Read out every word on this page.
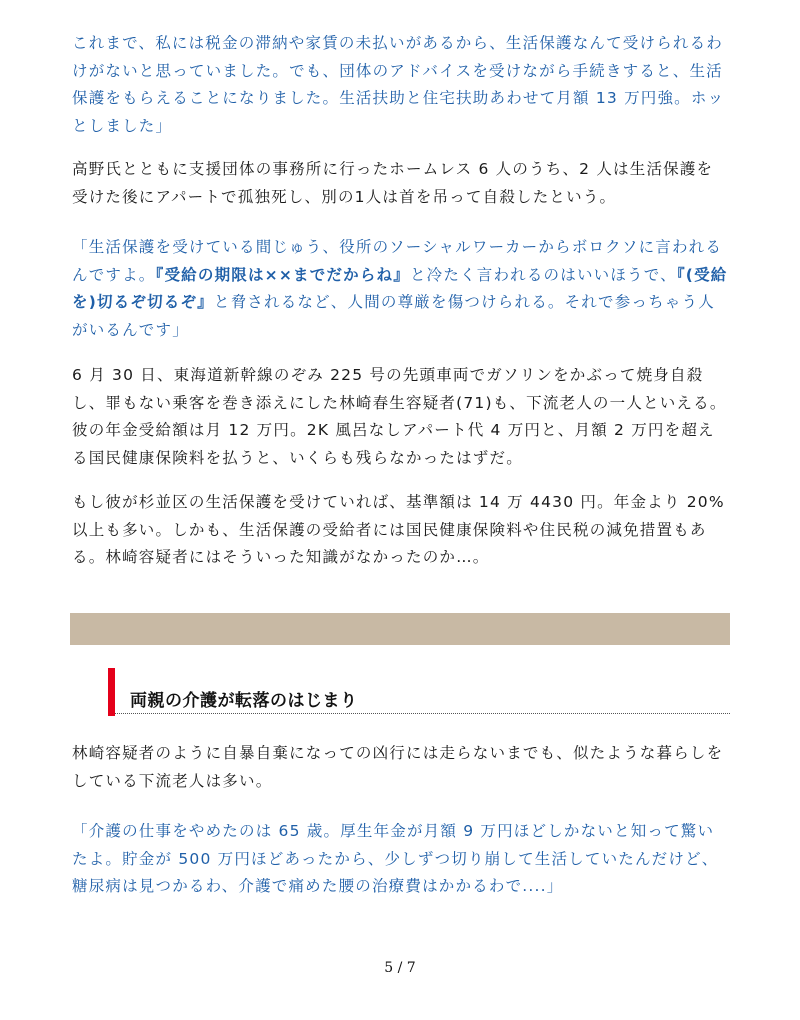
これまで、私には税金の滞納や家賃の未払いがあるから、生活保護なんて受けられるわけがないと思っていました。でも、団体のアドバイスを受けながら手続きすると、生活保護をもらえることになりました。生活扶助と住宅扶助あわせて月額 13 万円強。ホッとしました」

高野氏とともに支援団体の事務所に行ったホームレス 6 人のうち、2 人は生活保護を受けた後にアパートで孤独死し、別の1人は首を吊って自殺したという。

「生活保護を受けている間じゅう、役所のソーシャルワーカーからボロクソに言われるんですよ。『受給の期限は××までだからね』と冷たく言われるのはいいほうで、『(受給を)切るぞ切るぞ』と脅されるなど、人間の尊厳を傷つけられる。それで参っちゃう人がいるんです」

6 月 30 日、東海道新幹線のぞみ 225 号の先頭車両でガソリンをかぶって焼身自殺し、罪もない乗客を巻き添えにした林崎春生容疑者(71)も、下流老人の一人といえる。彼の年金受給額は月 12 万円。2K 風呂なしアパート代 4 万円と、月額 2 万円を超える国民健康保険料を払うと、いくらも残らなかったはずだ。

もし彼が杉並区の生活保護を受けていれば、基準額は 14 万 4430 円。年金より 20%以上も多い。しかも、生活保護の受給者には国民健康保険料や住民税の減免措置もある。林崎容疑者にはそういった知識がなかったのか…。

両親の介護が転落のはじまり

林崎容疑者のように自暴自棄になっての凶行には走らないまでも、似たような暮らしをしている下流老人は多い。

「介護の仕事をやめたのは 65 歳。厚生年金が月額 9 万円ほどしかないと知って驚いたよ。貯金が 500 万円ほどあったから、少しずつ切り崩して生活していたんだけど、糖尿病は見つかるわ、介護で痛めた腰の治療費はかかるわで....」

5 / 7
